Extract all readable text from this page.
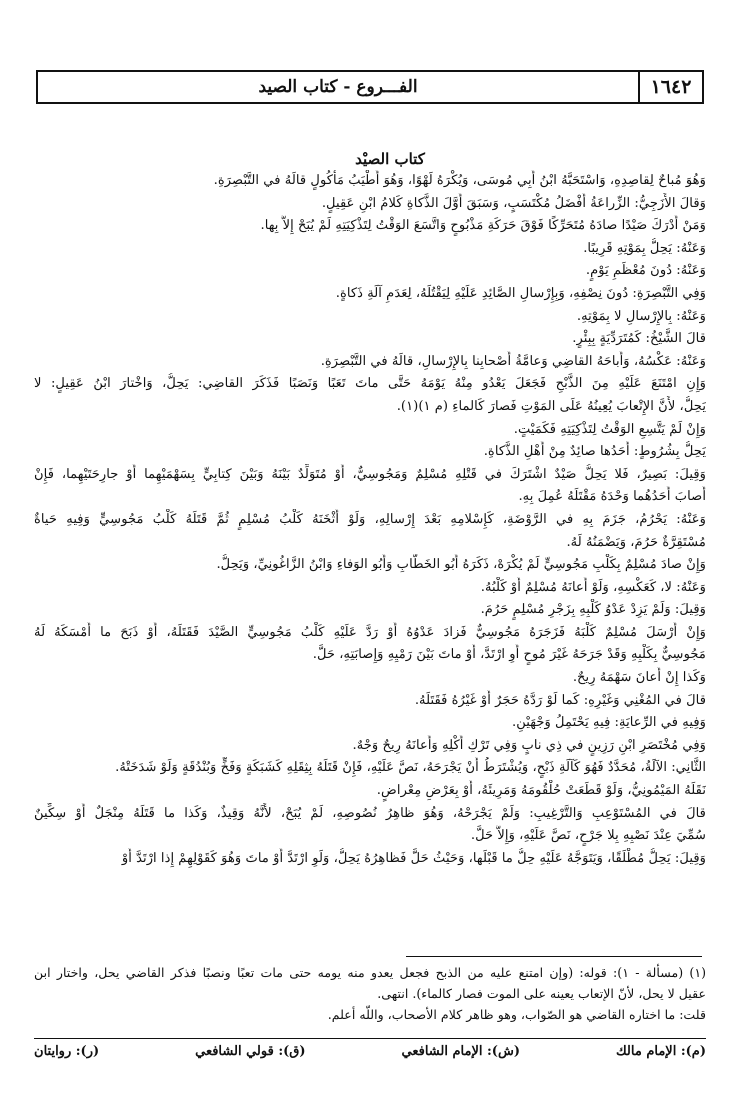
١٦٤٢
الفـــروع - كتاب الصيد
كتاب الصيْد
وَهُوَ مُباحٌ لِقاصِدِهِ، وَاسْتَحَبَّهُ ابْنُ أَبِي مُوسَى، وَيُكْرَهُ لَهْوًا، وَهُوَ أَطْيَبُ مَأْكُولٍ قالَهُ في التَّبْصِرَةِ.
وَقالَ الأَزَجِيُّ: الزِّراعَةُ أَفْضَلُ مُكْتَسَبٍ، وَسَبَقَ أَوَّلَ الذَّكاةِ كَلامُ ابْنِ عَقِيلٍ.
وَمَنْ أَدْرَكَ صَيْدًا صادَهُ مُتَحَرِّكًا فَوْقَ حَرَكَةِ مَذْبُوحٍ وَاتَّسَعَ الوَقْتُ لِتَذْكِيَتِهِ لَمْ يُبَحْ إِلاَّ بِها.
وَعَنْهُ: يَحِلُّ بِمَوْتِهِ قَرِيبًا.
وَعَنْهُ: دُونَ مُعْظَمِ يَوْمٍ.
وَفِي التَّبْصِرَةِ: دُونَ نِصْفِهِ، وَبِإِرْسالِ الصَّائِدِ عَلَيْهِ لِيَقْتُلَهُ، لِعَدَمِ آلَةِ ذَكاةٍ.
وَعَنْهُ: بِالإِرْسالِ لا بِمَوْتِهِ.
قالَ الشَّيْخُ: كَمُتَرَدِّيَةٍ بِبِئْرٍ.
وَعَنْهُ: عَكْسُهُ، وَأَباحَهُ القاضِي وَعامَّةُ أَصْحابِنا بِالإِرْسالِ، قالَهُ في التَّبْصِرَةِ.
وَإِنِ امْتَنَعَ عَلَيْهِ مِنَ الذَّبْحِ فَجَعَلَ يَعْدُو مِنْهُ يَوْمَهُ حَتَّى ماتَ تَعَبًا وَنَصَبًا فَذَكَرَ القاضِي: يَحِلُّ، وَاخْتارَ ابْنُ عَقِيلٍ: لا
يَحِلُّ، لأَنَّ الإِتْعابَ يُعِينُهُ عَلَى المَوْتِ فَصارَ كَالماءِ (م ١)(١).
وَإِنْ لَمْ يَتَّسِعِ الوَقْتُ لِتَذْكِيَتِهِ فَكَمَيْتٍ.
يَحِلُّ بِشُرُوطٍ: أَحَدُها صائِدٌ مِنْ أَهْلِ الذَّكاةِ.
وَقِيلَ: بَصِيرٌ، فَلا يَحِلُّ صَيْدٌ اشْتَرَكَ في قَتْلِهِ مُسْلِمٌ وَمَجُوسِيٌّ، أَوْ مُتَوَلِّدٌ بَيْنَهُ وَبَيْنَ كِتابِيٍّ بِسَهْمَيْهِما أَوْ جارِحَتَيْهِما، فَإِنْ
أَصابَ أَحَدُهُما وَحْدَهُ مَقْتَلَهُ عُمِلَ بِهِ.
وَعَنْهُ: يَحْرُمُ، جَزَمَ بِهِ في الرَّوْضَةِ، كَإِسْلامِهِ بَعْدَ إِرْسالِهِ، وَلَوْ أَثْخَنَهُ كَلْبُ مُسْلِمٍ ثُمَّ قَتَلَهُ كَلْبُ مَجُوسِيٍّ وَفِيهِ حَياةٌ
مُسْتَقِرَّةٌ حَرُمَ، وَيَضْمَنُهُ لَهُ.
وَإِنْ صادَ مُسْلِمٌ بِكَلْبِ مَجُوسِيٍّ لَمْ يُكْرَهْ، ذَكَرَهُ أَبُو الخَطَّابِ وَأَبُو الوَفاءِ وَابْنُ الزَّاغُونِيِّ، وَيَحِلُّ.
وَعَنْهُ: لا، كَعَكْسِهِ، وَلَوْ أَعانَهُ مُسْلِمٌ أَوْ كَلْبُهُ.
وَقِيلَ: وَلَمْ يَزِدْ عَدْوُ كَلْبِهِ بِزَجْرِ مُسْلِمٍ حَرُمَ.
وَإِنْ أَرْسَلَ مُسْلِمٌ كَلْبَهُ فَزَجَرَهُ مَجُوسِيٌّ فَزادَ عَدْوُهُ أَوْ رَدَّ عَلَيْهِ كَلْبُ مَجُوسِيٍّ الصَّيْدَ فَقَتَلَهُ، أَوْ ذَبَحَ ما أَمْسَكَهُ لَهُ
مَجُوسِيٌّ بِكَلْبِهِ وَقَدْ جَرَحَهُ غَيْرَ مُوحٍ أَوِ ارْتَدَّ، أَوْ ماتَ بَيْنَ رَمْيِهِ وَإِصابَتِهِ، حَلَّ.
وَكَذا إِنْ أَعانَ سَهْمَهُ رِيحٌ.
قالَ في المُغْنِي وَغَيْرِهِ: كَما لَوْ رَدَّهُ حَجَرٌ أَوْ غَيْرُهُ فَقَتَلَهُ.
وَفِيهِ في الرِّعايَةِ: فِيهِ يَحْتَمِلُ وَجْهَيْنِ.
وَفِي مُخْتَصَرِ ابْنِ رَزِينٍ في ذِي نابٍ وَفِي تَرْكِ أَكْلِهِ وَأَعانَهُ رِيحٌ وَجْهٌ.
الثَّانِي: الآلَةُ، مُحَدَّدٌ فَهُوَ كَآلَةِ ذَبْحٍ، وَيُشْتَرَطُ أَنْ يَجْرَحَهُ، نَصَّ عَلَيْهِ، فَإِنْ قَتَلَهُ بِثِقَلِهِ كَشَبَكَةٍ وَفَخٍّ وَبُنْدُقَةٍ وَلَوْ شَدَخَتْهُ.
نَقَلَهُ المَيْمُونِيُّ، وَلَوْ قَطَعَتْ حُلْقُومَهُ وَمَرِيئَهُ، أَوْ بِعَرْضِ مِعْراضٍ.
قالَ في المُسْتَوْعِبِ وَالتَّرْغِيبِ: وَلَمْ يَجْرَحْهُ، وَهُوَ ظاهِرُ نُصُوصِهِ، لَمْ يُبَحْ، لأَنَّهُ وَقِيذٌ، وَكَذا ما قَتَلَهُ مِنْجَلٌ أَوْ سِكِّينٌ
سُمِّيَ عِنْدَ نَصْبِهِ بِلا جَرْحٍ، نَصَّ عَلَيْهِ، وَإِلاَّ حَلَّ.
وَقِيلَ: يَحِلُّ مُطْلَقًا، وَيَتَوَجَّهُ عَلَيْهِ حِلُّ ما قَبْلَها، وَحَيْثُ حَلَّ فَظاهِرُهُ يَحِلُّ، وَلَوِ ارْتَدَّ أَوْ ماتَ وَهُوَ كَقَوْلِهِمْ إِذا ارْتَدَّ أَوْ
(١) (مسألة - ١): قوله: (وإن امتنع عليه من الذبح فجعل يعدو منه يومه حتى مات تعبًا ونصبًا فذكر القاضي يحل، واختار ابن
عقيل لا يحل، لأنّ الإتعاب يعينه على الموت فصار كالماء). انتهى.
قلت: ما اختاره القاضي هو الصّواب، وهو ظاهر كلام الأصحاب، واللّه أعلم.
(م): الإمام مالك
(ش): الإمام الشافعي
(ق): قولي الشافعي
(ر): روايتان
